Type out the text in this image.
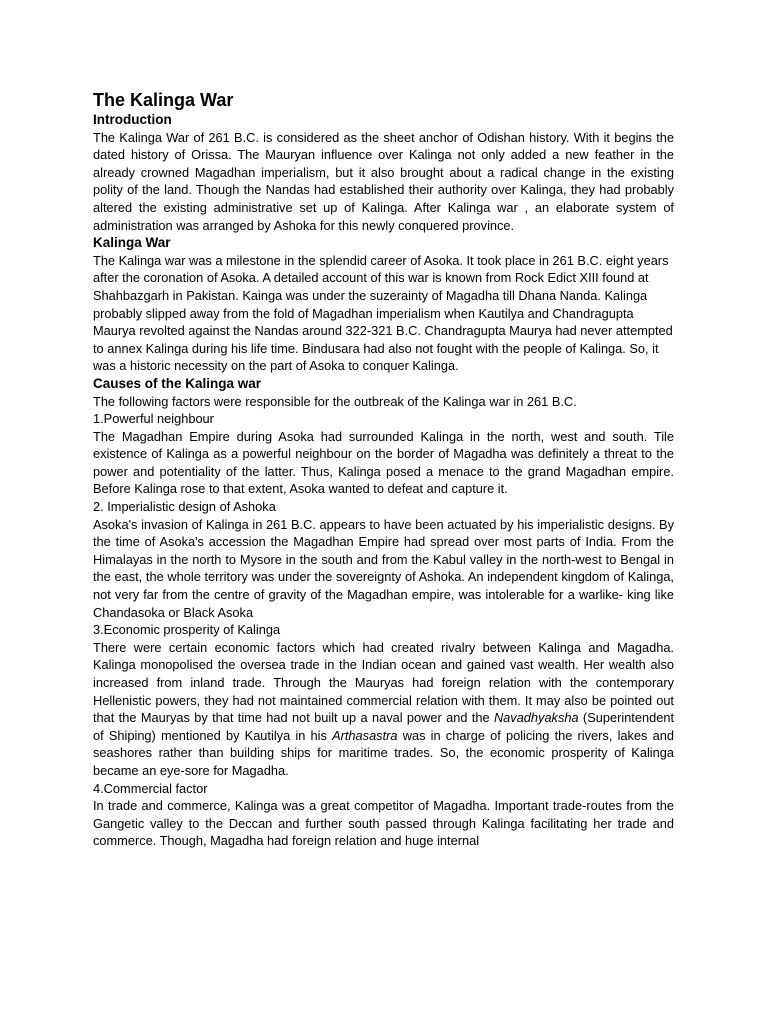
The Kalinga War
Introduction

The Kalinga War of 261 B.C. is considered as the sheet anchor of Odishan history. With it begins the dated history of Orissa. The Mauryan influence over Kalinga not only added a new feather in the already crowned Magadhan imperialism, but it also brought about a radical change in the existing polity of the land. Though the Nandas had established their authority over Kalinga, they had probably altered the existing administrative set up of Kalinga. After Kalinga war , an elaborate system of administration was arranged by Ashoka for this newly conquered province.

Kalinga War

The Kalinga war was a milestone in the splendid career of Asoka. It took place in 261 B.C. eight years after the coronation of Asoka. A detailed account of this war is known from Rock Edict XIII found at Shahbazgarh in Pakistan. Kainga was under the suzerainty of Magadha till Dhana Nanda. Kalinga probably slipped away from the fold of Magadhan imperialism when Kautilya and Chandragupta Maurya revolted against the Nandas around 322-321 B.C. Chandragupta Maurya had never attempted to annex Kalinga during his life time. Bindusara had also not fought with the people of Kalinga. So, it was a historic necessity on the part of Asoka to conquer Kalinga.

Causes of the Kalinga war

The following factors were responsible for the outbreak of the Kalinga war in 261 B.C.

1.Powerful neighbour

The Magadhan Empire during Asoka had surrounded Kalinga in the north, west and south. Tile existence of Kalinga as a powerful neighbour on the border of Magadha was definitely a threat to the power and potentiality of the latter. Thus, Kalinga posed a menace to the grand Magadhan empire. Before Kalinga rose to that extent, Asoka wanted to defeat and capture it.

2. Imperialistic design of Ashoka

Asoka's invasion of Kalinga in 261 B.C. appears to have been actuated by his imperialistic designs. By the time of Asoka's accession the Magadhan Empire had spread over most parts of India. From the Himalayas in the north to Mysore in the south and from the Kabul valley in the north-west to Bengal in the east, the whole territory was under the sovereignty of Ashoka. An independent kingdom of Kalinga, not very far from the centre of gravity of the Magadhan empire, was intolerable for a warlike- king like Chandasoka or Black Asoka

3.Economic prosperity of Kalinga

There were certain economic factors which had created rivalry between Kalinga and Magadha. Kalinga monopolised the oversea trade in the Indian ocean and gained vast wealth. Her wealth also increased from inland trade. Through the Mauryas had foreign relation with the contemporary Hellenistic powers, they had not maintained commercial relation with them. It may also be pointed out that the Mauryas by that time had not built up a naval power and the Navadhyaksha (Superintendent of Shiping) mentioned by Kautilya in his Arthasastra was in charge of policing the rivers, lakes and seashores rather than building ships for maritime trades. So, the economic prosperity of Kalinga became an eye-sore for Magadha.

4.Commercial factor

In trade and commerce, Kalinga was a great competitor of Magadha. Important trade-routes from the Gangetic valley to the Deccan and further south passed through Kalinga facilitating her trade and commerce. Though, Magadha had foreign relation and huge internal
